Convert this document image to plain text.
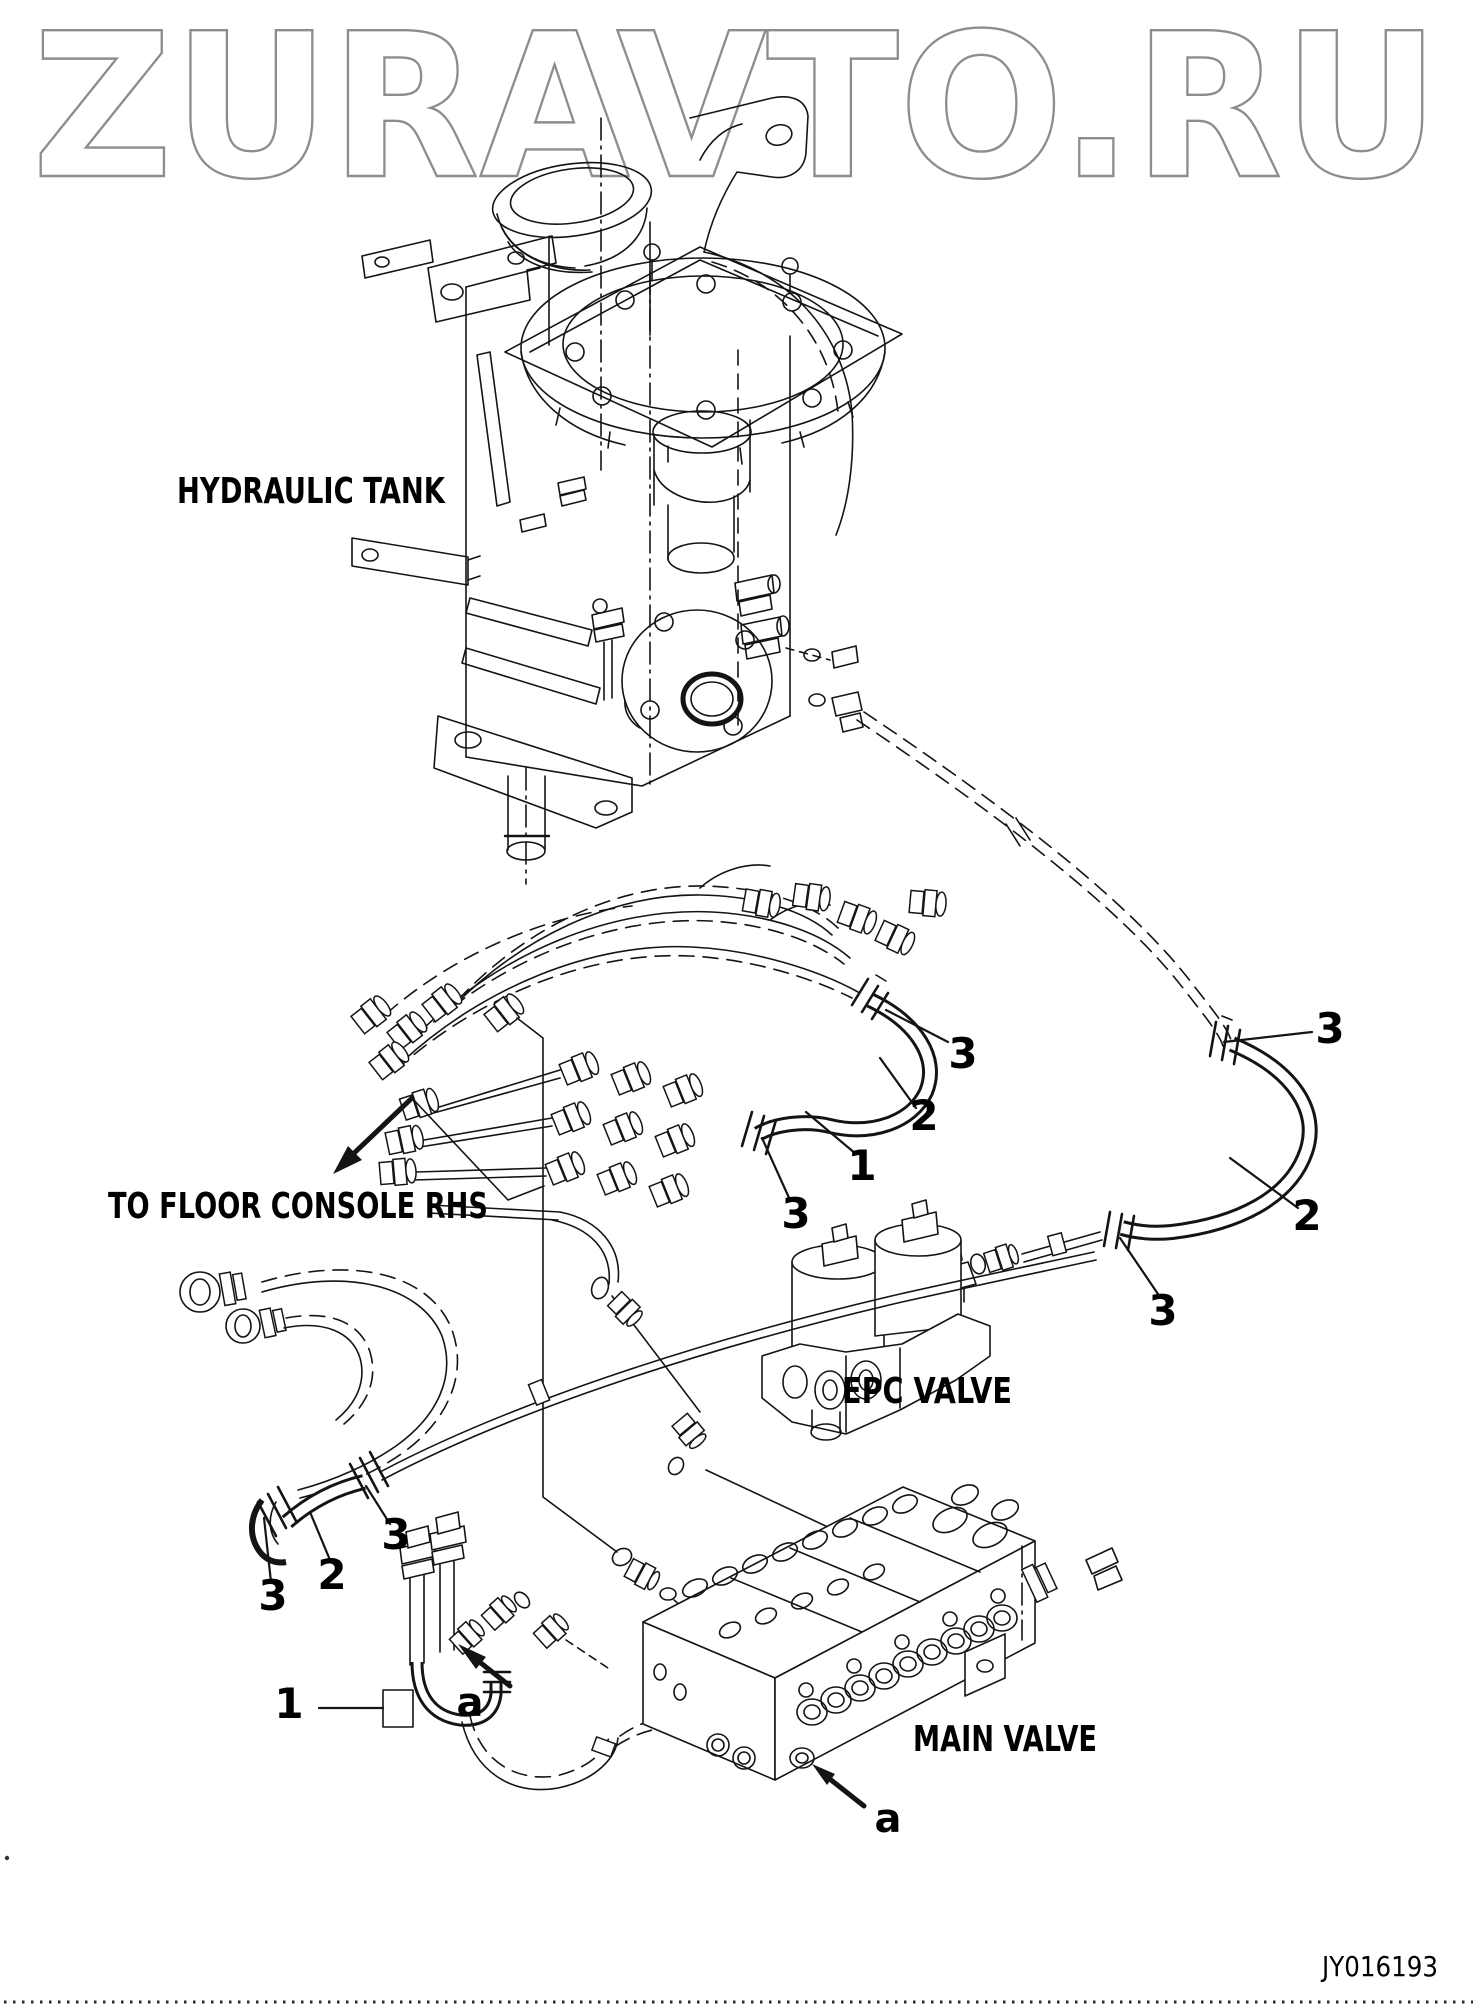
ZURAVTO.RU
HYDRAULIC TANK
TO FLOOR CONSOLE RHS
EPC VALVE
MAIN VALVE
3
2
1
3
3
2
3
3
2
3
1	a
a
JY016193
